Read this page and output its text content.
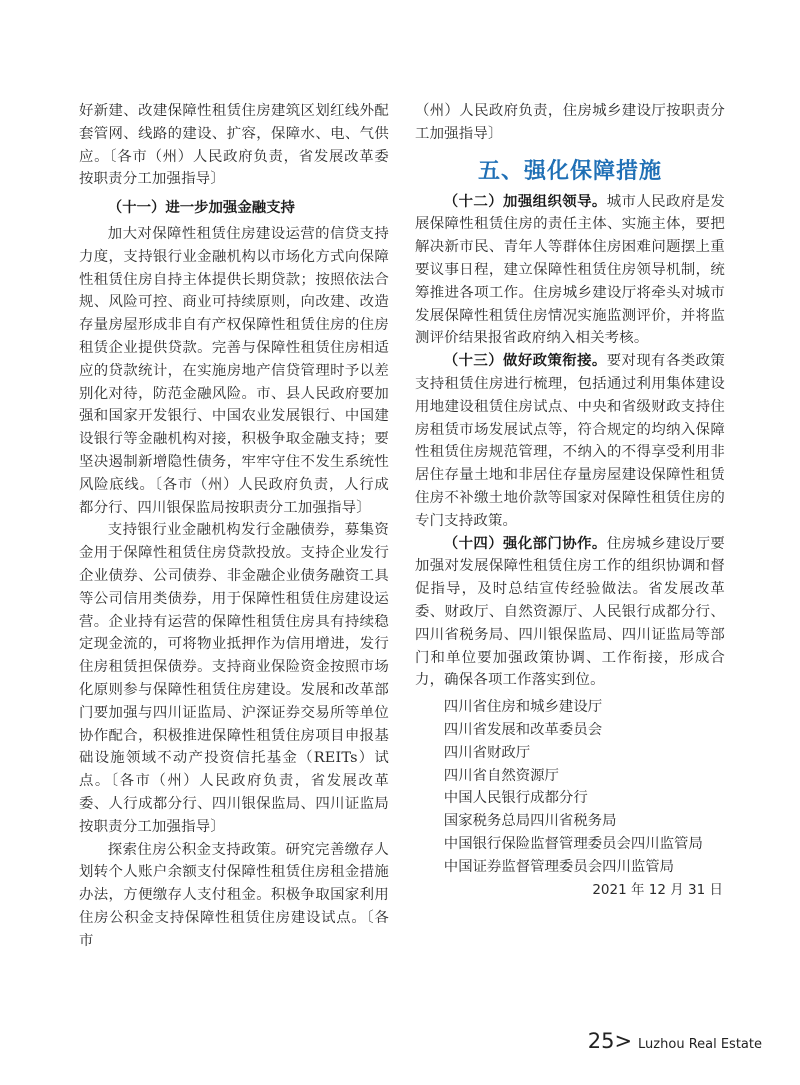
好新建、改建保障性租赁住房建筑区划红线外配套管网、线路的建设、扩容，保障水、电、气供应。〔各市（州）人民政府负责，省发展改革委按职责分工加强指导〕

（十一）进一步加强金融支持

加大对保障性租赁住房建设运营的信贷支持力度，支持银行业金融机构以市场化方式向保障性租赁住房自持主体提供长期贷款；按照依法合规、风险可控、商业可持续原则，向改建、改造存量房屋形成非自有产权保障性租赁住房的住房租赁企业提供贷款。完善与保障性租赁住房相适应的贷款统计，在实施房地产信贷管理时予以差别化对待，防范金融风险。市、县人民政府要加强和国家开发银行、中国农业发展银行、中国建设银行等金融机构对接，积极争取金融支持；要坚决遏制新增隐性债务，牢牢守住不发生系统性风险底线。〔各市（州）人民政府负责，人行成都分行、四川银保监局按职责分工加强指导〕

支持银行业金融机构发行金融债券，募集资金用于保障性租赁住房贷款投放。支持企业发行企业债券、公司债券、非金融企业债务融资工具等公司信用类债券，用于保障性租赁住房建设运营。企业持有运营的保障性租赁住房具有持续稳定现金流的，可将物业抵押作为信用增进，发行住房租赁担保债券。支持商业保险资金按照市场化原则参与保障性租赁住房建设。发展和改革部门要加强与四川证监局、沪深证券交易所等单位协作配合，积极推进保障性租赁住房项目申报基础设施领域不动产投资信托基金（REITs）试点。〔各市（州）人民政府负责，省发展改革委、人行成都分行、四川银保监局、四川证监局按职责分工加强指导〕

探索住房公积金支持政策。研究完善缴存人划转个人账户余额支付保障性租赁住房租金措施办法，方便缴存人支付租金。积极争取国家利用住房公积金支持保障性租赁住房建设试点。〔各市

（州）人民政府负责，住房城乡建设厅按职责分工加强指导〕

五、强化保障措施

（十二）加强组织领导。城市人民政府是发展保障性租赁住房的责任主体、实施主体，要把解决新市民、青年人等群体住房困难问题摆上重要议事日程，建立保障性租赁住房领导机制，统筹推进各项工作。住房城乡建设厅将牵头对城市发展保障性租赁住房情况实施监测评价，并将监测评价结果报省政府纳入相关考核。

（十三）做好政策衔接。要对现有各类政策支持租赁住房进行梳理，包括通过利用集体建设用地建设租赁住房试点、中央和省级财政支持住房租赁市场发展试点等，符合规定的均纳入保障性租赁住房规范管理，不纳入的不得享受利用非居住存量土地和非居住存量房屋建设保障性租赁住房不补缴土地价款等国家对保障性租赁住房的专门支持政策。

（十四）强化部门协作。住房城乡建设厅要加强对发展保障性租赁住房工作的组织协调和督促指导，及时总结宣传经验做法。省发展改革委、财政厅、自然资源厅、人民银行成都分行、四川省税务局、四川银保监局、四川证监局等部门和单位要加强政策协调、工作衔接，形成合力，确保各项工作落实到位。

四川省住房和城乡建设厅

四川省发展和改革委员会

四川省财政厅

四川省自然资源厅

中国人民银行成都分行

国家税务总局四川省税务局

中国银行保险监督管理委员会四川监管局

中国证券监督管理委员会四川监管局

2021 年 12 月 31 日
25 > Luzhou Real Estate
